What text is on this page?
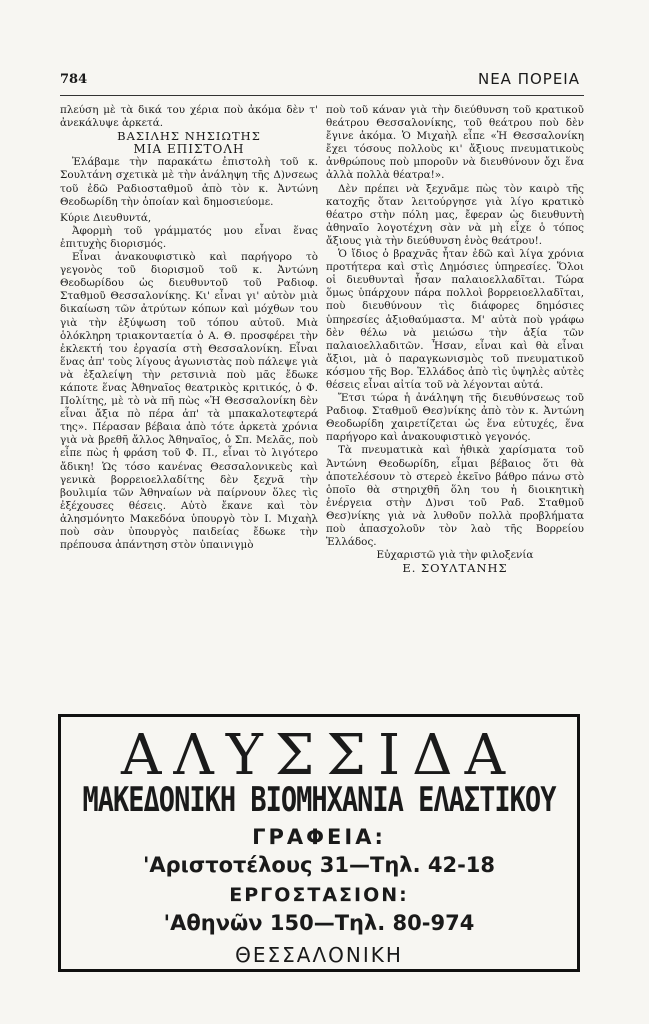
784	ΝΕΑ ΠΟΡΕΙΑ

πλεύση μὲ τὰ δικά του χέρια ποὺ ἀκόμα δὲν τ' ἀνεκάλυψε ἀρκετά.

ΒΑΣΙΛΗΣ ΝΗΣΙΩΤΗΣ

ΜΙΑ ΕΠΙΣΤΟΛΗ

Ἐλάβαμε τὴν παρακάτω ἐπιστολὴ τοῦ κ. Σουλτάνη σχετικὰ μὲ τὴν ἀνάληψη τῆς Δ)νσεως τοῦ ἐδῶ Ραδιοσταθμοῦ ἀπὸ τὸν κ. Ἀντώνη Θεοδωρίδη τὴν ὁποίαν καὶ δημοσιεύομε.

Κύριε Διευθυντά,

Ἀφορμὴ τοῦ γράμματός μου εἶναι ἕνας ἐπιτυχὴς διορισμός.

Εἶναι ἀνακουφιστικὸ καὶ παρήγορο τὸ γεγονὸς τοῦ διορισμοῦ τοῦ κ. Ἀντώνη Θεοδωρίδου ὡς διευθυντοῦ τοῦ Ραδιοφ. Σταθμοῦ Θεσσαλονίκης. Κι' εἶναι γι' αὐτὸν μιὰ δικαίωση τῶν ἀτρύτων κόπων καὶ μόχθων του γιὰ τὴν ἐξύψωση τοῦ τόπου αὐτοῦ. Μιὰ ὁλόκληρη τριακονταετία ὁ Α. Θ. προσφέρει τὴν ἐκλεκτή του ἐργασία στὴ Θεσσαλονίκη. Εἶναι ἕνας ἀπ' τοὺς λίγους ἀγωνιστὰς ποὺ πάλεψε γιὰ νὰ ἐξαλείψη τὴν ρετσινιὰ ποὺ μᾶς ἔδωκε κάποτε ἕνας Ἀθηναῖος θεατρικὸς κριτικός, ὁ Φ. Πολίτης, μὲ τὸ νὰ πῆ πὼς «Ἡ Θεσσαλονίκη δὲν εἶναι ἄξια πὸ πέρα ἀπ' τὰ μπακαλοτεφτερά της». Πέρασαν βέβαια ἀπὸ τότε ἀρκετὰ χρόνια γιὰ νὰ βρεθῆ ἄλλος Ἀθηναῖος, ὁ Σπ. Μελᾶς, ποὺ εἶπε πὼς ἡ φράση τοῦ Φ. Π., εἶναι τὸ λιγότερο ἄδικη! Ὡς τόσο κανένας Θεσσαλονικεὺς καὶ γενικὰ βορρειοελλαδίτης δὲν ξεχνᾶ τὴν βουλιμία τῶν Ἀθηναίων νὰ παίρνουν ὅλες τὶς ἐξέχουσες θέσεις. Αὐτὸ ἔκανε καὶ τὸν ἀλησμόνητο Μακεδόνα ὑπουργὸ τὸν Ι. Μιχαὴλ ποὺ σὰν ὑπουργὸς παιδείας ἔδωκε τὴν πρέπουσα ἀπάντηση στὸν ὑπαινιγμὸ

ποὺ τοῦ κάναν γιὰ τὴν διεύθυνση τοῦ κρατικοῦ θεάτρου Θεσσαλονίκης, τοῦ θεάτρου ποὺ δὲν ἔγινε ἀκόμα. Ὁ Μιχαὴλ εἶπε «Ἡ Θεσσαλονίκη ἔχει τόσους πολλοὺς κι' ἄξιους πνευματικοὺς ἀνθρώπους ποὺ μποροῦν νὰ διευθύνουν ὄχι ἕνα ἀλλὰ πολλὰ θέατρα!».

Δὲν πρέπει νὰ ξεχνᾶμε πὼς τὸν καιρὸ τῆς κατοχῆς ὅταν λειτούργησε γιὰ λίγο κρατικὸ θέατρο στὴν πόλη μας, ἔφεραν ὡς διευθυντὴ ἀθηναῖο λογοτέχνη σὰν νὰ μὴ εἶχε ὁ τόπος ἄξιους γιὰ τὴν διεύθυνση ἑνὸς θεάτρου!.

Ὁ ἴδιος ὁ βραχνᾶς ἦταν ἐδῶ καὶ λίγα χρόνια προτήτερα καὶ στὶς Δημόσιες ὑπηρεσίες. Ὅλοι οἱ διευθυνταὶ ἦσαν παλαιοελλαδῖται. Τώρα ὅμως ὑπάρχουν πάρα πολλοὶ βορρειοελλαδῖται, ποὺ διευθύνουν τὶς διάφορες δημόσιες ὑπηρεσίες ἀξιοθαύμαστα. Μ' αὐτὰ ποὺ γράφω δὲν θέλω νὰ μειώσω τὴν ἀξία τῶν παλαιοελλαδιτῶν. Ἦσαν, εἶναι καὶ θὰ εἶναι ἄξιοι, μὰ ὁ παραγκωνισμὸς τοῦ πνευματικοῦ κόσμου τῆς Βορ. Ἑλλάδος ἀπὸ τὶς ὑψηλὲς αὐτὲς θέσεις εἶναι αἰτία τοῦ νὰ λέγονται αὐτά.

Ἔτσι τώρα ἡ ἀνάληψη τῆς διευθύνσεως τοῦ Ραδιοφ. Σταθμοῦ Θεσ)νίκης ἀπὸ τὸν κ. Ἀντώνη Θεοδωρίδη χαιρετίζεται ὡς ἕνα εὐτυχές, ἕνα παρήγορο καὶ ἀνακουφιστικὸ γεγονός.

Τὰ πνευματικὰ καὶ ἠθικὰ χαρίσματα τοῦ Ἀντώνη Θεοδωρίδη, εἶμαι βέβαιος ὅτι θὰ ἀποτελέσουν τὸ στερεὸ ἐκεῖνο βάθρο πάνω στὸ ὁποῖο θὰ στηριχθῆ ὅλη του ἡ διοικητικὴ ἐνέργεια στὴν Δ)νσι τοῦ Ραδ. Σταθμοῦ Θεσ)νίκης γιὰ νὰ λυθοῦν πολλὰ προβλήματα ποὺ ἀπασχολοῦν τὸν λαὸ τῆς Βορρείου Ἑλλάδος.

Εὐχαριστῶ γιὰ τὴν φιλοξενία

Ε. ΣΟΥΛΤΑΝΗΣ

ΑΛΥΣΣΙΔΑ
ΜΑΚΕΔΟΝΙΚΗ ΒΙΟΜΗΧΑΝΙΑ ΕΛΑΣΤΙΚΟΥ
ΓΡΑΦΕΙΑ:
'Αριστοτέλους 31—Τηλ. 42-18
ΕΡΓΟΣΤΑΣΙΟΝ:
'Αθηνῶν 150—Τηλ. 80-974
ΘΕΣΣΑΛΟΝΙΚΗ
